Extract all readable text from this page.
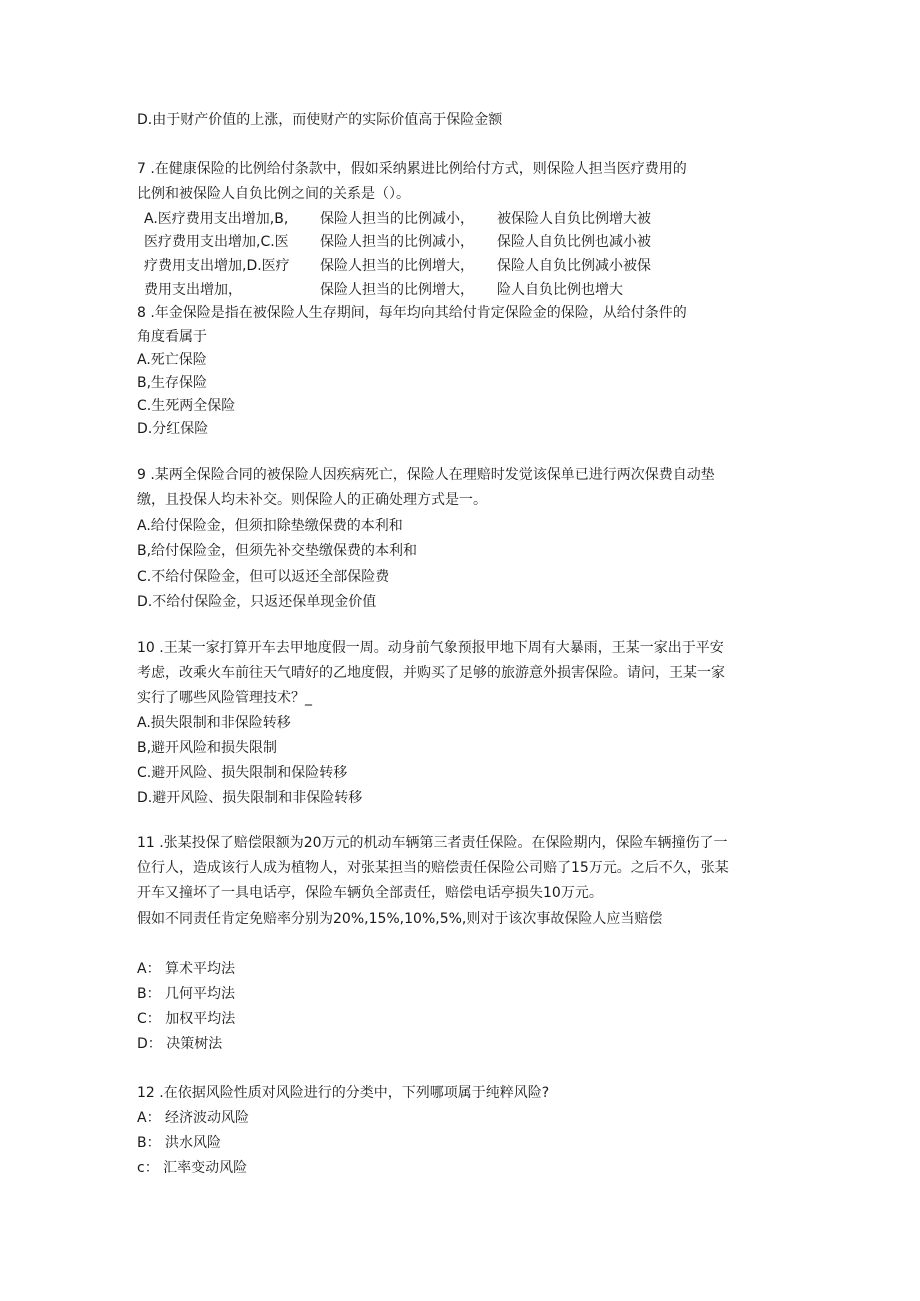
D.由于财产价值的上涨，而使财产的实际价值高于保险金额
7 .在健康保险的比例给付条款中，假如采纳累进比例给付方式，则保险人担当医疗费用的
比例和被保险人自负比例之间的关系是（）。
8 .年金保险是指在被保险人生存期间，每年均向其给付肯定保险金的保险，从给付条件的
角度看属于
A.死亡保险
B,生存保险
C.生死两全保险
D.分红保险
9 .某两全保险合同的被保险人因疾病死亡，保险人在理赔时发觉该保单已进行两次保费自动垫
缴，且投保人均未补交。则保险人的正确处理方式是一。
A.给付保险金，但须扣除垫缴保费的本利和
B,给付保险金，但须先补交垫缴保费的本利和
C.不给付保险金，但可以返还全部保险费
D.不给付保险金，只返还保单现金价值
10 .王某一家打算开车去甲地度假一周。动身前气象预报甲地下周有大暴雨，王某一家出于平安
考虑，改乘火车前往天气晴好的乙地度假，并购买了足够的旅游意外损害保险。请问，王某一家
实行了哪些风险管理技术？_
A.损失限制和非保险转移
B,避开风险和损失限制
C.避开风险、损失限制和保险转移
D.避开风险、损失限制和非保险转移
11 .张某投保了赔偿限额为20万元的机动车辆第三者责任保险。在保险期内，保险车辆撞伤了一
位行人，造成该行人成为植物人，对张某担当的赔偿责任保险公司赔了15万元。之后不久，张某
开车又撞坏了一具电话亭，保险车辆负全部责任，赔偿电话亭损失10万元。
假如不同责任肯定免赔率分别为20%,15%,10%,5%,则对于该次事故保险人应当赔偿
A： 算术平均法
B： 几何平均法
C： 加权平均法
D： 决策树法
12 .在依据风险性质对风险进行的分类中，下列哪项属于纯粹风险?
A： 经济波动风险
B： 洪水风险
c： 汇率变动风险
A.医疗费用支出增加,B, 保险人担当的比例减小， 被保险人自负比例增大被
医疗费用支出增加,C.医 保险人担当的比例减小， 保险人自负比例也减小被
疗费用支出增加,D.医疗 保险人担当的比例增大， 保险人自负比例减小被保
费用支出增加，	保险人担当的比例增大， 险人自负比例也增大
